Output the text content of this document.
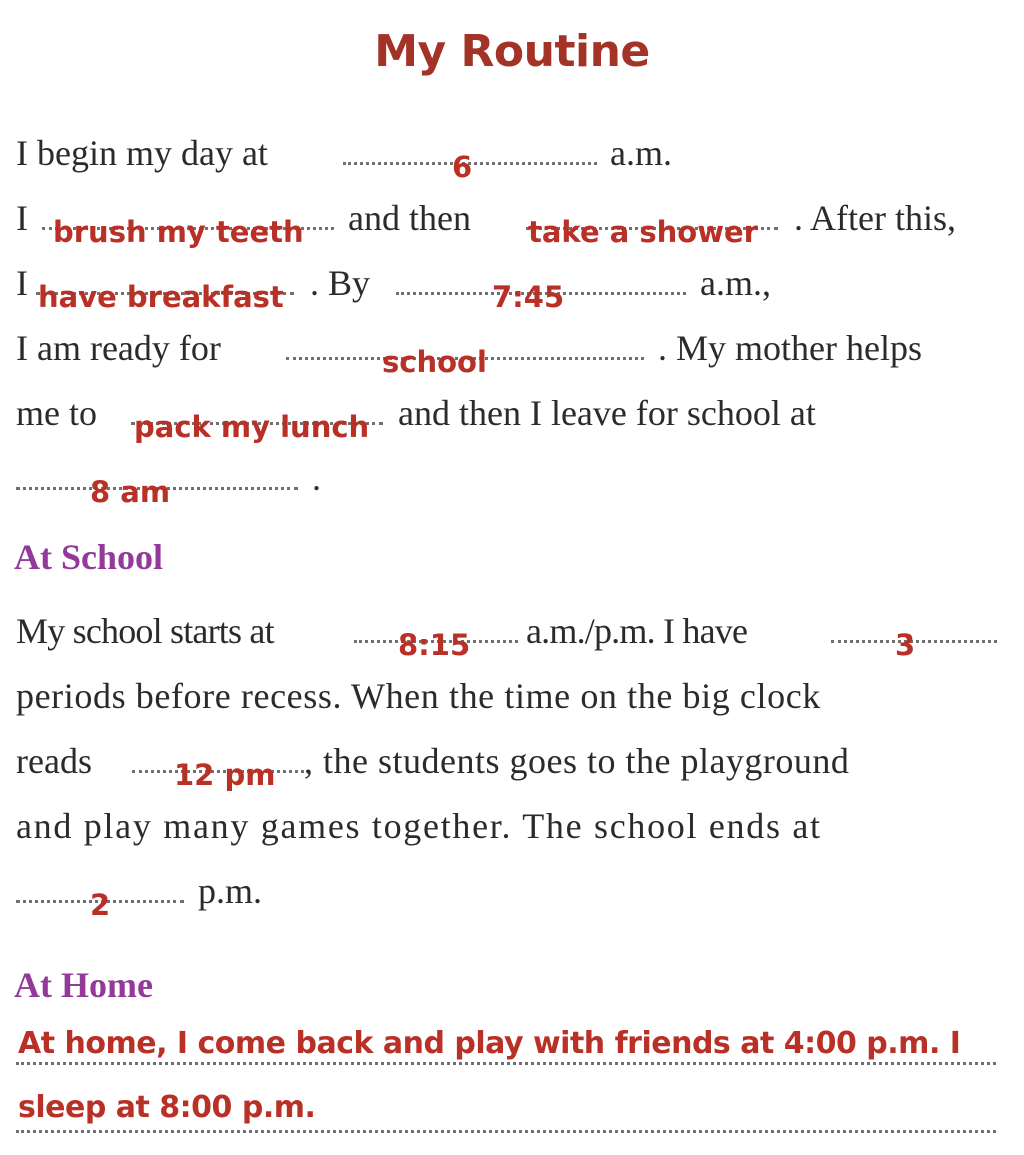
My Routine
I begin my day at	6	a.m.
I brush my teeth and then take a shower . After this,
I have breakfast . By	7:45	a.m.,
I am ready for	school	. My mother helps
me to pack my lunch and then I leave for school at
8 am	.
At School
My school starts at	8:15 a.m./p.m. I have	3
periods before recess. When the time on the big clock
reads	12 pm , the students goes to the playground
and play many games together. The school ends at
2 p.m.
At Home
At home, I come back and play with friends at 4:00 p.m. I
sleep at 8:00 p.m.
